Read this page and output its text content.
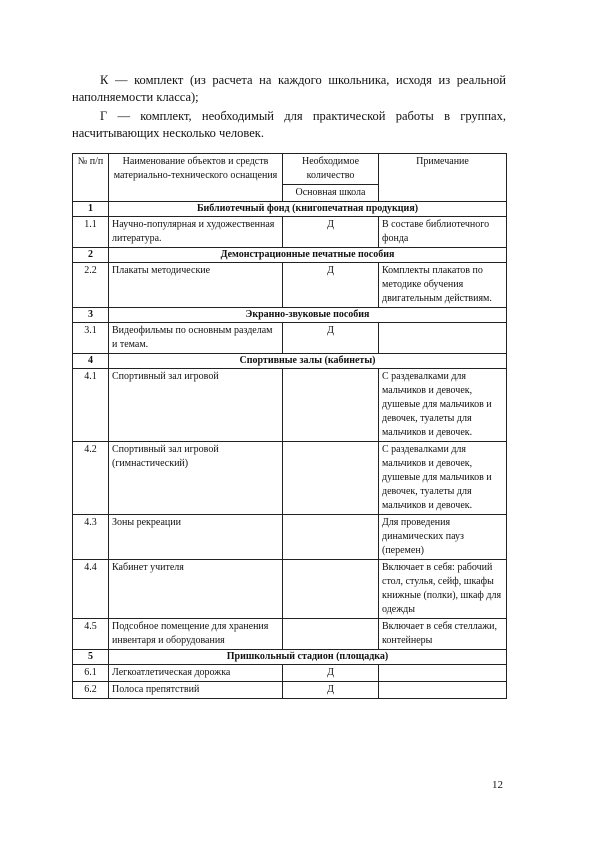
К — комплект (из расчета на каждого школьника, исходя из реальной наполняемости класса);

Г — комплект, необходимый для практической работы в группах, насчитывающих несколько человек.

№ п/п	Наименование объектов и средств материально-технического оснащения	Необходимое количество	Примечание
		Основная школа	
1	Библиотечный фонд (книгопечатная продукция)		
1.1	Научно-популярная и художественная литература.	Д	В составе библиотечного фонда
2	Демонстрационные печатные пособия		
2.2	Плакаты методические	Д	Комплекты плакатов по методике обучения двигательным действиям.
3	Экранно-звуковые пособия		
3.1	Видеофильмы по основным разделам и темам.	Д	
4	Спортивные залы (кабинеты)		
4.1	Спортивный зал игровой		С раздевалками для мальчиков и девочек, душевые для мальчиков и девочек, туалеты для мальчиков и девочек.
4.2	Спортивный зал игровой (гимнастический)		С раздевалками для мальчиков и девочек, душевые для мальчиков и девочек, туалеты для мальчиков и девочек.
4.3	Зоны рекреации		Для проведения динамических пауз (перемен)
4.4	Кабинет учителя		Включает в себя: рабочий стол, стулья, сейф, шкафы книжные (полки), шкаф для одежды
4.5	Подсобное помещение для хранения инвентаря и оборудования		Включает в себя стеллажи, контейнеры
5	Пришкольный стадион (площадка)		
6.1	Легкоатлетическая дорожка	Д	
6.2	Полоса препятствий	Д	
12
